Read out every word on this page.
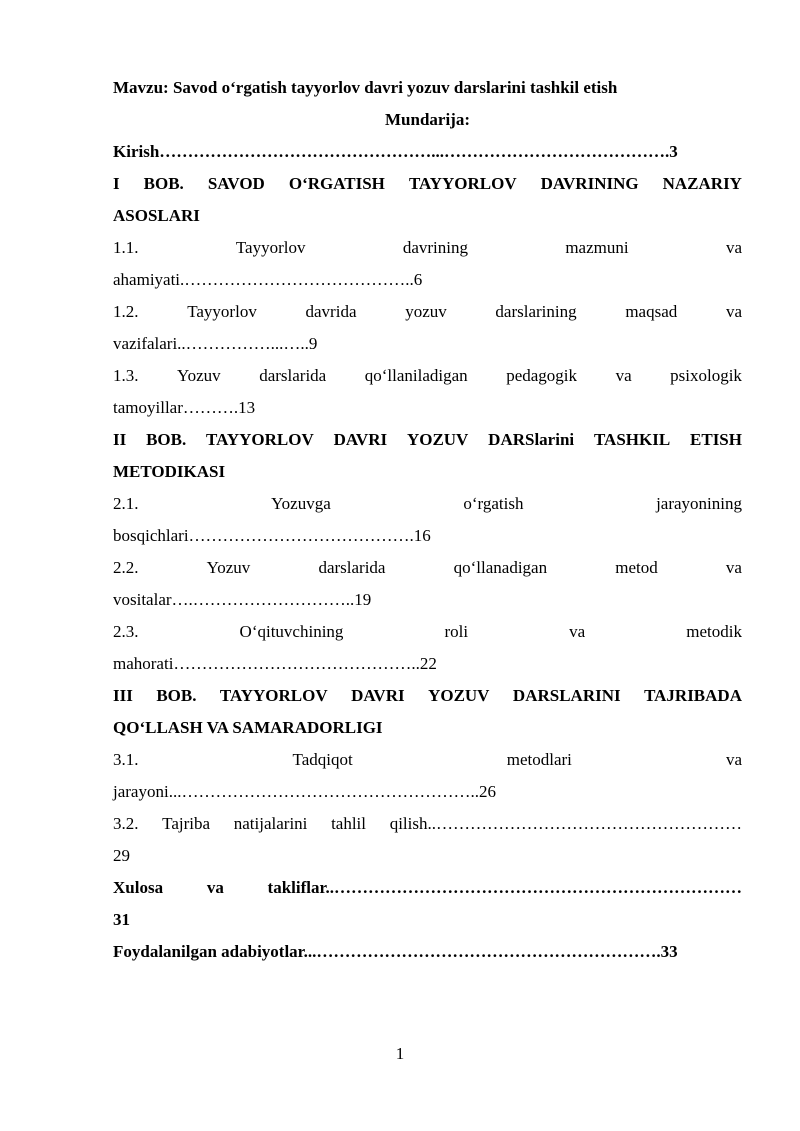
Mavzu: Savod o‘rgatish tayyorlov davri yozuv darslarini tashkil etish
Mundarija:
Kirish…………………………………………...………………………………….3
I BOB. SAVOD O‘RGATISH TAYYORLOV DAVRINING NAZARIY
ASOSLARI
1.1.	Tayyorlov	davrining	mazmuni	va
ahamiyati.…………………………………..6
1.2.	Tayyorlov	davrida	yozuv	darslarining	maqsad	va
vazifalari..……………...…..9
1.3. Yozuv darslarida qo‘llaniladigan pedagogik va psixologik
tamoyillar……….13
II BOB. TAYYORLOV DAVRI YOZUV DARSlarini TASHKIL ETISH
METODIKASI
2.1.	Yozuvga	o‘rgatish	jarayonining
bosqichlari………………………………….16
2.2.	Yozuv	darslarida	qo‘llanadigan	metod	va
vositalar….………………………..19
2.3.	O‘qituvchining	roli	va	metodik
mahorati……………………………………..22
III BOB. TAYYORLOV DAVRI YOZUV DARSLARINI TAJRIBADA
QO‘LLASH VA SAMARADORLIGI
3.1.	Tadqiqot	metodlari	va
jarayoni...……………………………………………..26
3.2. Tajriba natijalarini tahlil qilish..………………………………………………
29
Xulosa	va	takliflar..………………………………………………………………
31
Foydalanilgan adabiyotlar...…………………………………………………….33
1
